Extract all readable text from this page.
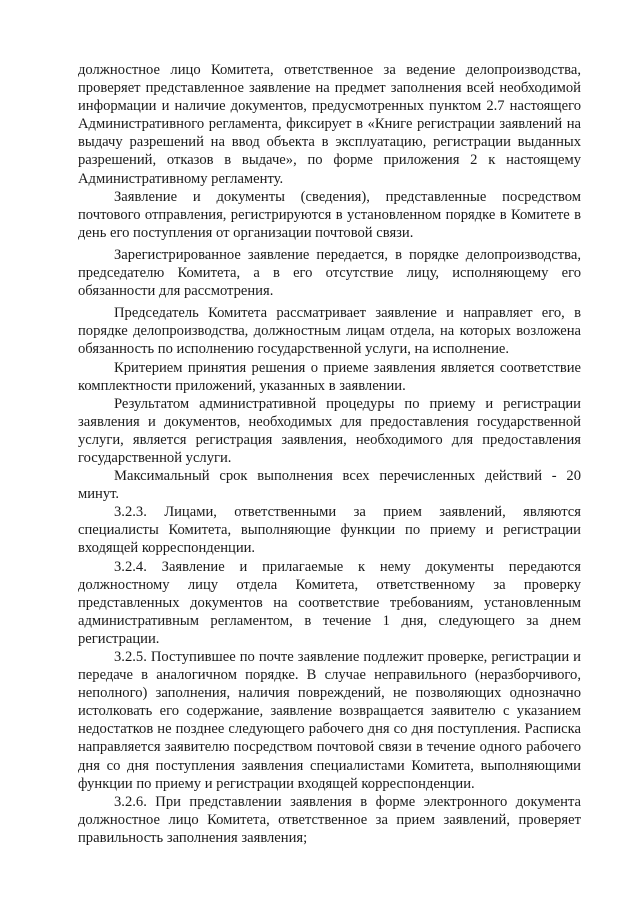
должностное лицо Комитета, ответственное за ведение делопроизводства, проверяет представленное заявление на предмет заполнения всей необходимой информации и наличие документов, предусмотренных пунктом 2.7 настоящего Административного регламента, фиксирует в «Книге регистрации заявлений на выдачу разрешений на ввод объекта в эксплуатацию, регистрации выданных разрешений, отказов в выдаче», по форме приложения 2 к настоящему Административному регламенту.

Заявление и документы (сведения), представленные посредством почтового отправления, регистрируются в установленном порядке в Комитете в день его поступления от организации почтовой связи.

Зарегистрированное заявление передается, в порядке делопроизводства, председателю Комитета, а в его отсутствие лицу, исполняющему его обязанности для рассмотрения.

Председатель Комитета рассматривает заявление и направляет его, в порядке делопроизводства, должностным лицам отдела, на которых возложена обязанность по исполнению государственной услуги, на исполнение.

Критерием принятия решения о приеме заявления является соответствие комплектности приложений, указанных в заявлении.

Результатом административной процедуры по приему и регистрации заявления и документов, необходимых для предоставления государственной услуги, является регистрация заявления, необходимого для предоставления государственной услуги.

Максимальный срок выполнения всех перечисленных действий - 20 минут.

3.2.3. Лицами, ответственными за прием заявлений, являются специалисты Комитета, выполняющие функции по приему и регистрации входящей корреспонденции.

3.2.4. Заявление и прилагаемые к нему документы передаются должностному лицу отдела Комитета, ответственному за проверку представленных документов на соответствие требованиям, установленным административным регламентом, в течение 1 дня, следующего за днем регистрации.

3.2.5. Поступившее по почте заявление подлежит проверке, регистрации и передаче в аналогичном порядке. В случае неправильного (неразборчивого, неполного) заполнения, наличия повреждений, не позволяющих однозначно истолковать его содержание, заявление возвращается заявителю с указанием недостатков не позднее следующего рабочего дня со дня поступления. Расписка направляется заявителю посредством почтовой связи в течение одного рабочего дня со дня поступления заявления специалистами Комитета, выполняющими функции по приему и регистрации входящей корреспонденции.

3.2.6. При представлении заявления в форме электронного документа должностное лицо Комитета, ответственное за прием заявлений, проверяет правильность заполнения заявления;
